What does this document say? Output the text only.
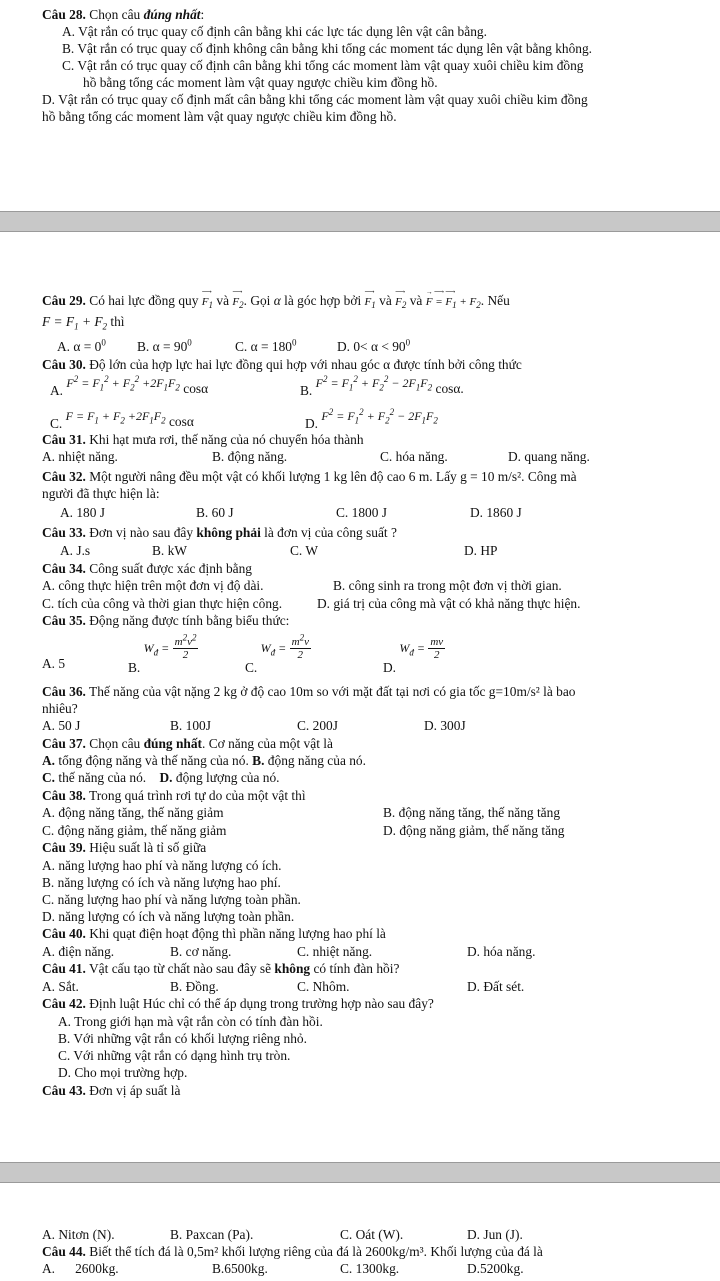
Câu 28. Chọn câu đúng nhất:
A. Vật rắn có trục quay cố định cân bằng khi các lực tác dụng lên vật cân bằng.
B. Vật rắn có trục quay cố định không cân bằng khi tổng các moment tác dụng lên vật bằng không.
C. Vật rắn có trục quay cố định cân bằng khi tổng các moment làm vật quay xuôi chiều kim đồng
hồ bằng tổng các moment làm vật quay ngược chiều kim đồng hồ.
D. Vật rắn có trục quay cố định mất cân bằng khi tổng các moment làm vật quay xuôi chiều kim đồng
hồ bằng tổng các moment làm vật quay ngược chiều kim đồng hồ.
Câu 29. Có hai lực đồng quy
⟶
$F_1$ và
⟶
$F_2$. Gọi α là góc hợp bởi
⟶
$F_1$ và
⟶
$F_2$ và
→   ⟶   ⟶
$F = F_1 + F_2$. Nếu
$F = F_1 + F_2$ thì
A. $\alpha = 0^0$ B. $\alpha = 90^0$	C. $\alpha = 180^0$	D. $0< \alpha < 90^0$
Câu 30. Độ lớn của hợp lực hai lực đồng qui hợp với nhau góc α được tính bởi công thức
A. $F^2 = F_1^2 + F_2^2 +2F_1F_2$ cosα	B. $F^2 = F_1^2 + F_2^2 - 2F_1F_2$ cosα.
C. $F = F_1 + F_2 +2F_1F_2$ cosα	D. $F^2 = F_1^2 + F_2^2 - 2F_1F_2$
Câu 31. Khi hạt mưa rơi, thế năng của nó chuyển hóa thành
A. nhiệt năng.	B. động năng.	C. hóa năng.	D. quang năng.
Câu 32. Một người nâng đều một vật có khối lượng 1 kg lên độ cao 6 m. Lấy g = 10 m/s². Công mà
người đã thực hiện là:
A. 180 J	B. 60 J	C. 1800 J	D. 1860 J
Câu 33. Đơn vị nào sau đây không phải là đơn vị của công suất ?
A. J.s	B. kW	C. W	D. HP
Câu 34. Công suất được xác định bằng
A. công thực hiện trên một đơn vị độ dài.	B. công sinh ra trong một đơn vị thời gian.
C. tích của công và thời gian thực hiện công.	D. giá trị của công mà vật có khả năng thực hiện.
Câu 35. Động năng được tính bằng biểu thức:
A. 5	B. $W_đ = \frac{m^2v^2}{2}$
C. $W_đ = \frac{m^2v}{2}$
D. $W_đ = \frac{mv}{2}$
Câu 36. Thế năng của vật nặng 2 kg ở độ cao 10m so với mặt đất tại nơi có gia tốc g=10m/s² là bao
nhiêu?
A. 50 J	B. 100J	C. 200J	D. 300J
Câu 37. Chọn câu đúng nhất. Cơ năng của một vật là
A. tổng động năng và thế năng của nó. B. động năng của nó.
C. thế năng của nó. D. động lượng của nó.
Câu 38. Trong quá trình rơi tự do của một vật thì
A. động năng tăng, thế năng giảm	B. động năng tăng, thế năng tăng
C. động năng giảm, thế năng giảm	D. động năng giảm, thế năng tăng
Câu 39. Hiệu suất là tỉ số giữa
A. năng lượng hao phí và năng lượng có ích.
B. năng lượng có ích và năng lượng hao phí.
C. năng lượng hao phí và năng lượng toàn phần.
D. năng lượng có ích và năng lượng toàn phần.
Câu 40. Khi quạt điện hoạt động thì phần năng lượng hao phí là
A. điện năng.	B. cơ năng.	C. nhiệt năng.	D. hóa năng.
Câu 41. Vật cấu tạo từ chất nào sau đây sẽ không có tính đàn hồi?
A. Sắt.	B. Đồng.	C. Nhôm.	D. Đất sét.
Câu 42. Định luật Húc chỉ có thể áp dụng trong trường hợp nào sau đây?
A. Trong giới hạn mà vật rắn còn có tính đàn hồi.
B. Với những vật rắn có khối lượng riêng nhỏ.
C. Với những vật rắn có dạng hình trụ tròn.
D. Cho mọi trường hợp.
Câu 43. Đơn vị áp suất là
A. Nitơn (N).	B. Paxcan (Pa).	C. Oát (W).	D. Jun (J).
Câu 44. Biết thể tích đá là 0,5m² khối lượng riêng của đá là 2600kg/m³. Khối lượng của đá là
A.      2600kg.	B.6500kg.	C. 1300kg.	D.5200kg.
